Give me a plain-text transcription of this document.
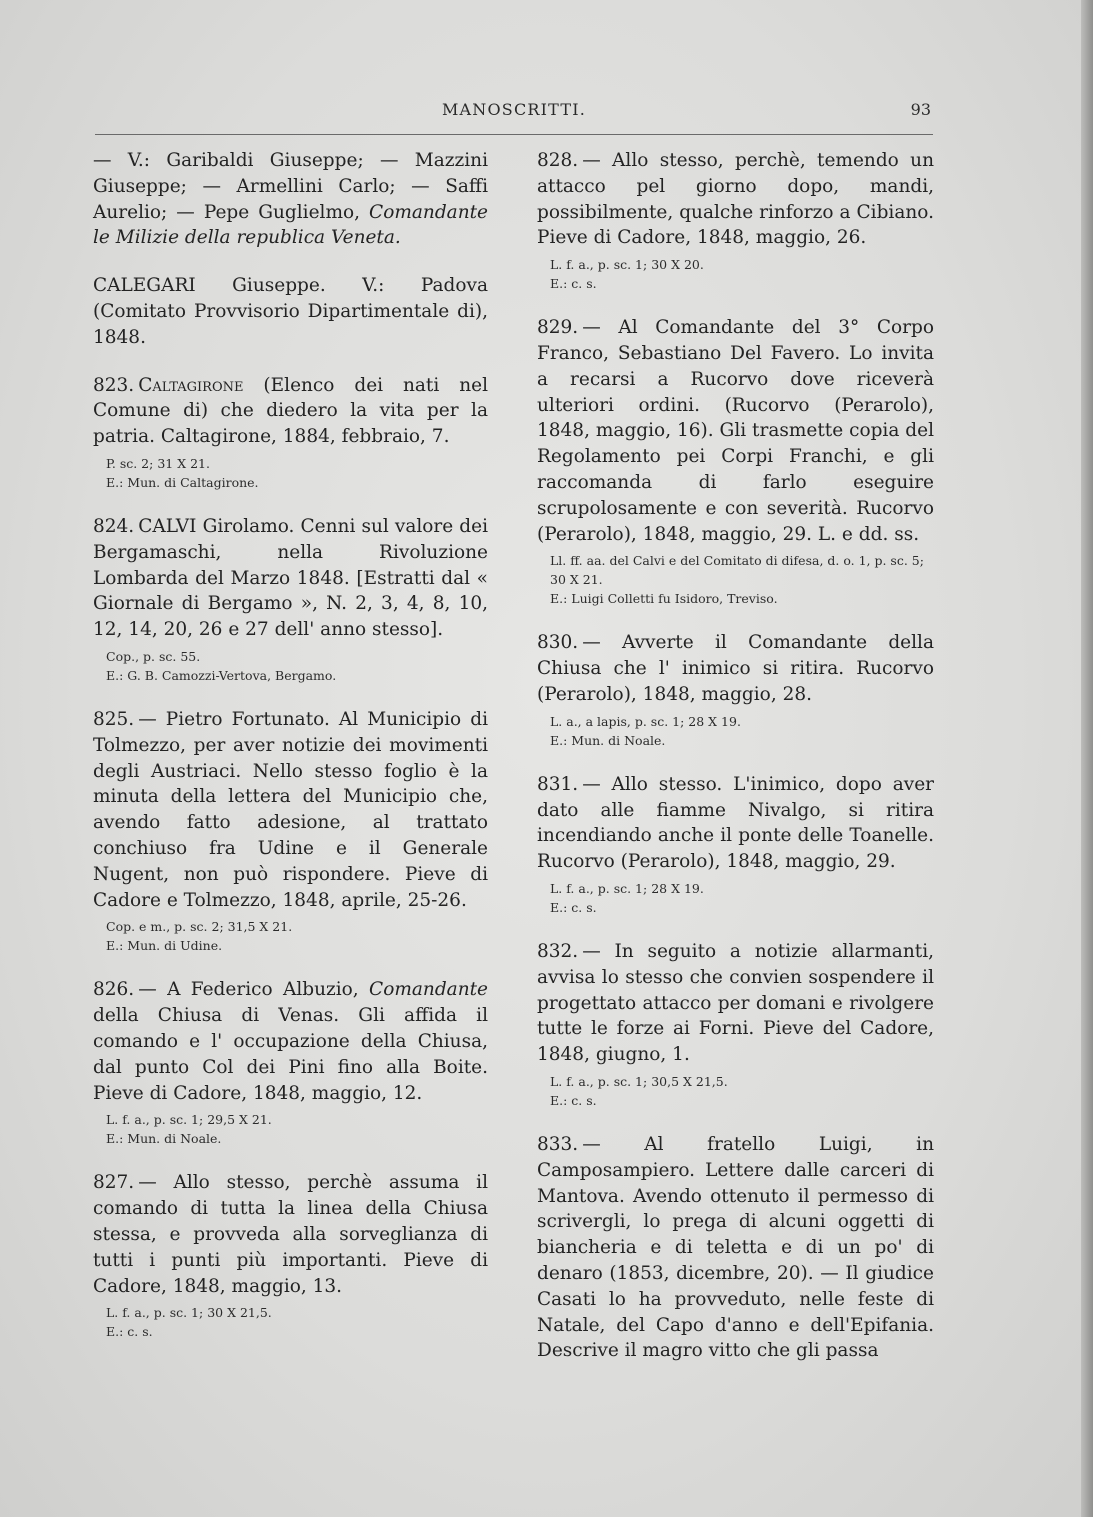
MANOSCRITTI.	93
— V.: Garibaldi Giuseppe; — Mazzini Giuseppe; — Armellini Carlo; — Saffi Aurelio; — Pepe Guglielmo, Comandante le Milizie della republica Veneta.
CALEGARI Giuseppe. V.: Padova (Comitato Provvisorio Dipartimentale di), 1848.
823. Caltagirone (Elenco dei nati nel Comune di) che diedero la vita per la patria. Caltagirone, 1884, febbraio, 7.
P. sc. 2; 31 X 21.
E.: Mun. di Caltagirone.
824. CALVI Girolamo. Cenni sul valore dei Bergamaschi, nella Rivoluzione Lombarda del Marzo 1848. [Estratti dal « Giornale di Bergamo », N. 2, 3, 4, 8, 10, 12, 14, 20, 26 e 27 dell' anno stesso].
Cop., p. sc. 55.
E.: G. B. Camozzi-Vertova, Bergamo.
825. — Pietro Fortunato. Al Municipio di Tolmezzo, per aver notizie dei movimenti degli Austriaci. Nello stesso foglio è la minuta della lettera del Municipio che, avendo fatto adesione, al trattato conchiuso fra Udine e il Generale Nugent, non può rispondere. Pieve di Cadore e Tolmezzo, 1848, aprile, 25-26.
Cop. e m., p. sc. 2; 31,5 X 21.
E.: Mun. di Udine.
826. — A Federico Albuzio, Comandante della Chiusa di Venas. Gli affida il comando e l' occupazione della Chiusa, dal punto Col dei Pini fino alla Boite. Pieve di Cadore, 1848, maggio, 12.
L. f. a., p. sc. 1; 29,5 X 21.
E.: Mun. di Noale.
827. — Allo stesso, perchè assuma il comando di tutta la linea della Chiusa stessa, e provveda alla sorveglianza di tutti i punti più importanti. Pieve di Cadore, 1848, maggio, 13.
L. f. a., p. sc. 1; 30 X 21,5.
E.: c. s.
828. — Allo stesso, perchè, temendo un attacco pel giorno dopo, mandi, possibilmente, qualche rinforzo a Cibiano. Pieve di Cadore, 1848, maggio, 26.
L. f. a., p. sc. 1; 30 X 20.
E.: c. s.
829. — Al Comandante del 3° Corpo Franco, Sebastiano Del Favero. Lo invita a recarsi a Rucorvo dove riceverà ulteriori ordini. (Rucorvo (Perarolo), 1848, maggio, 16). Gli trasmette copia del Regolamento pei Corpi Franchi, e gli raccomanda di farlo eseguire scrupolosamente e con severità. Rucorvo (Perarolo), 1848, maggio, 29. L. e dd. ss.
Ll. ff. aa. del Calvi e del Comitato di difesa, d. o. 1, p. sc. 5; 30 X 21.
E.: Luigi Colletti fu Isidoro, Treviso.
830. — Avverte il Comandante della Chiusa che l' inimico si ritira. Rucorvo (Perarolo), 1848, maggio, 28.
L. a., a lapis, p. sc. 1; 28 X 19.
E.: Mun. di Noale.
831. — Allo stesso. L'inimico, dopo aver dato alle fiamme Nivalgo, si ritira incendiando anche il ponte delle Toanelle. Rucorvo (Perarolo), 1848, maggio, 29.
L. f. a., p. sc. 1; 28 X 19.
E.: c. s.
832. — In seguito a notizie allarmanti, avvisa lo stesso che convien sospendere il progettato attacco per domani e rivolgere tutte le forze ai Forni. Pieve del Cadore, 1848, giugno, 1.
L. f. a., p. sc. 1; 30,5 X 21,5.
E.: c. s.
833. — Al fratello Luigi, in Camposampiero. Lettere dalle carceri di Mantova. Avendo ottenuto il permesso di scrivergli, lo prega di alcuni oggetti di biancheria e di teletta e di un po' di denaro (1853, dicembre, 20). — Il giudice Casati lo ha provveduto, nelle feste di Natale, del Capo d'anno e dell'Epifania. Descrive il magro vitto che gli passa
